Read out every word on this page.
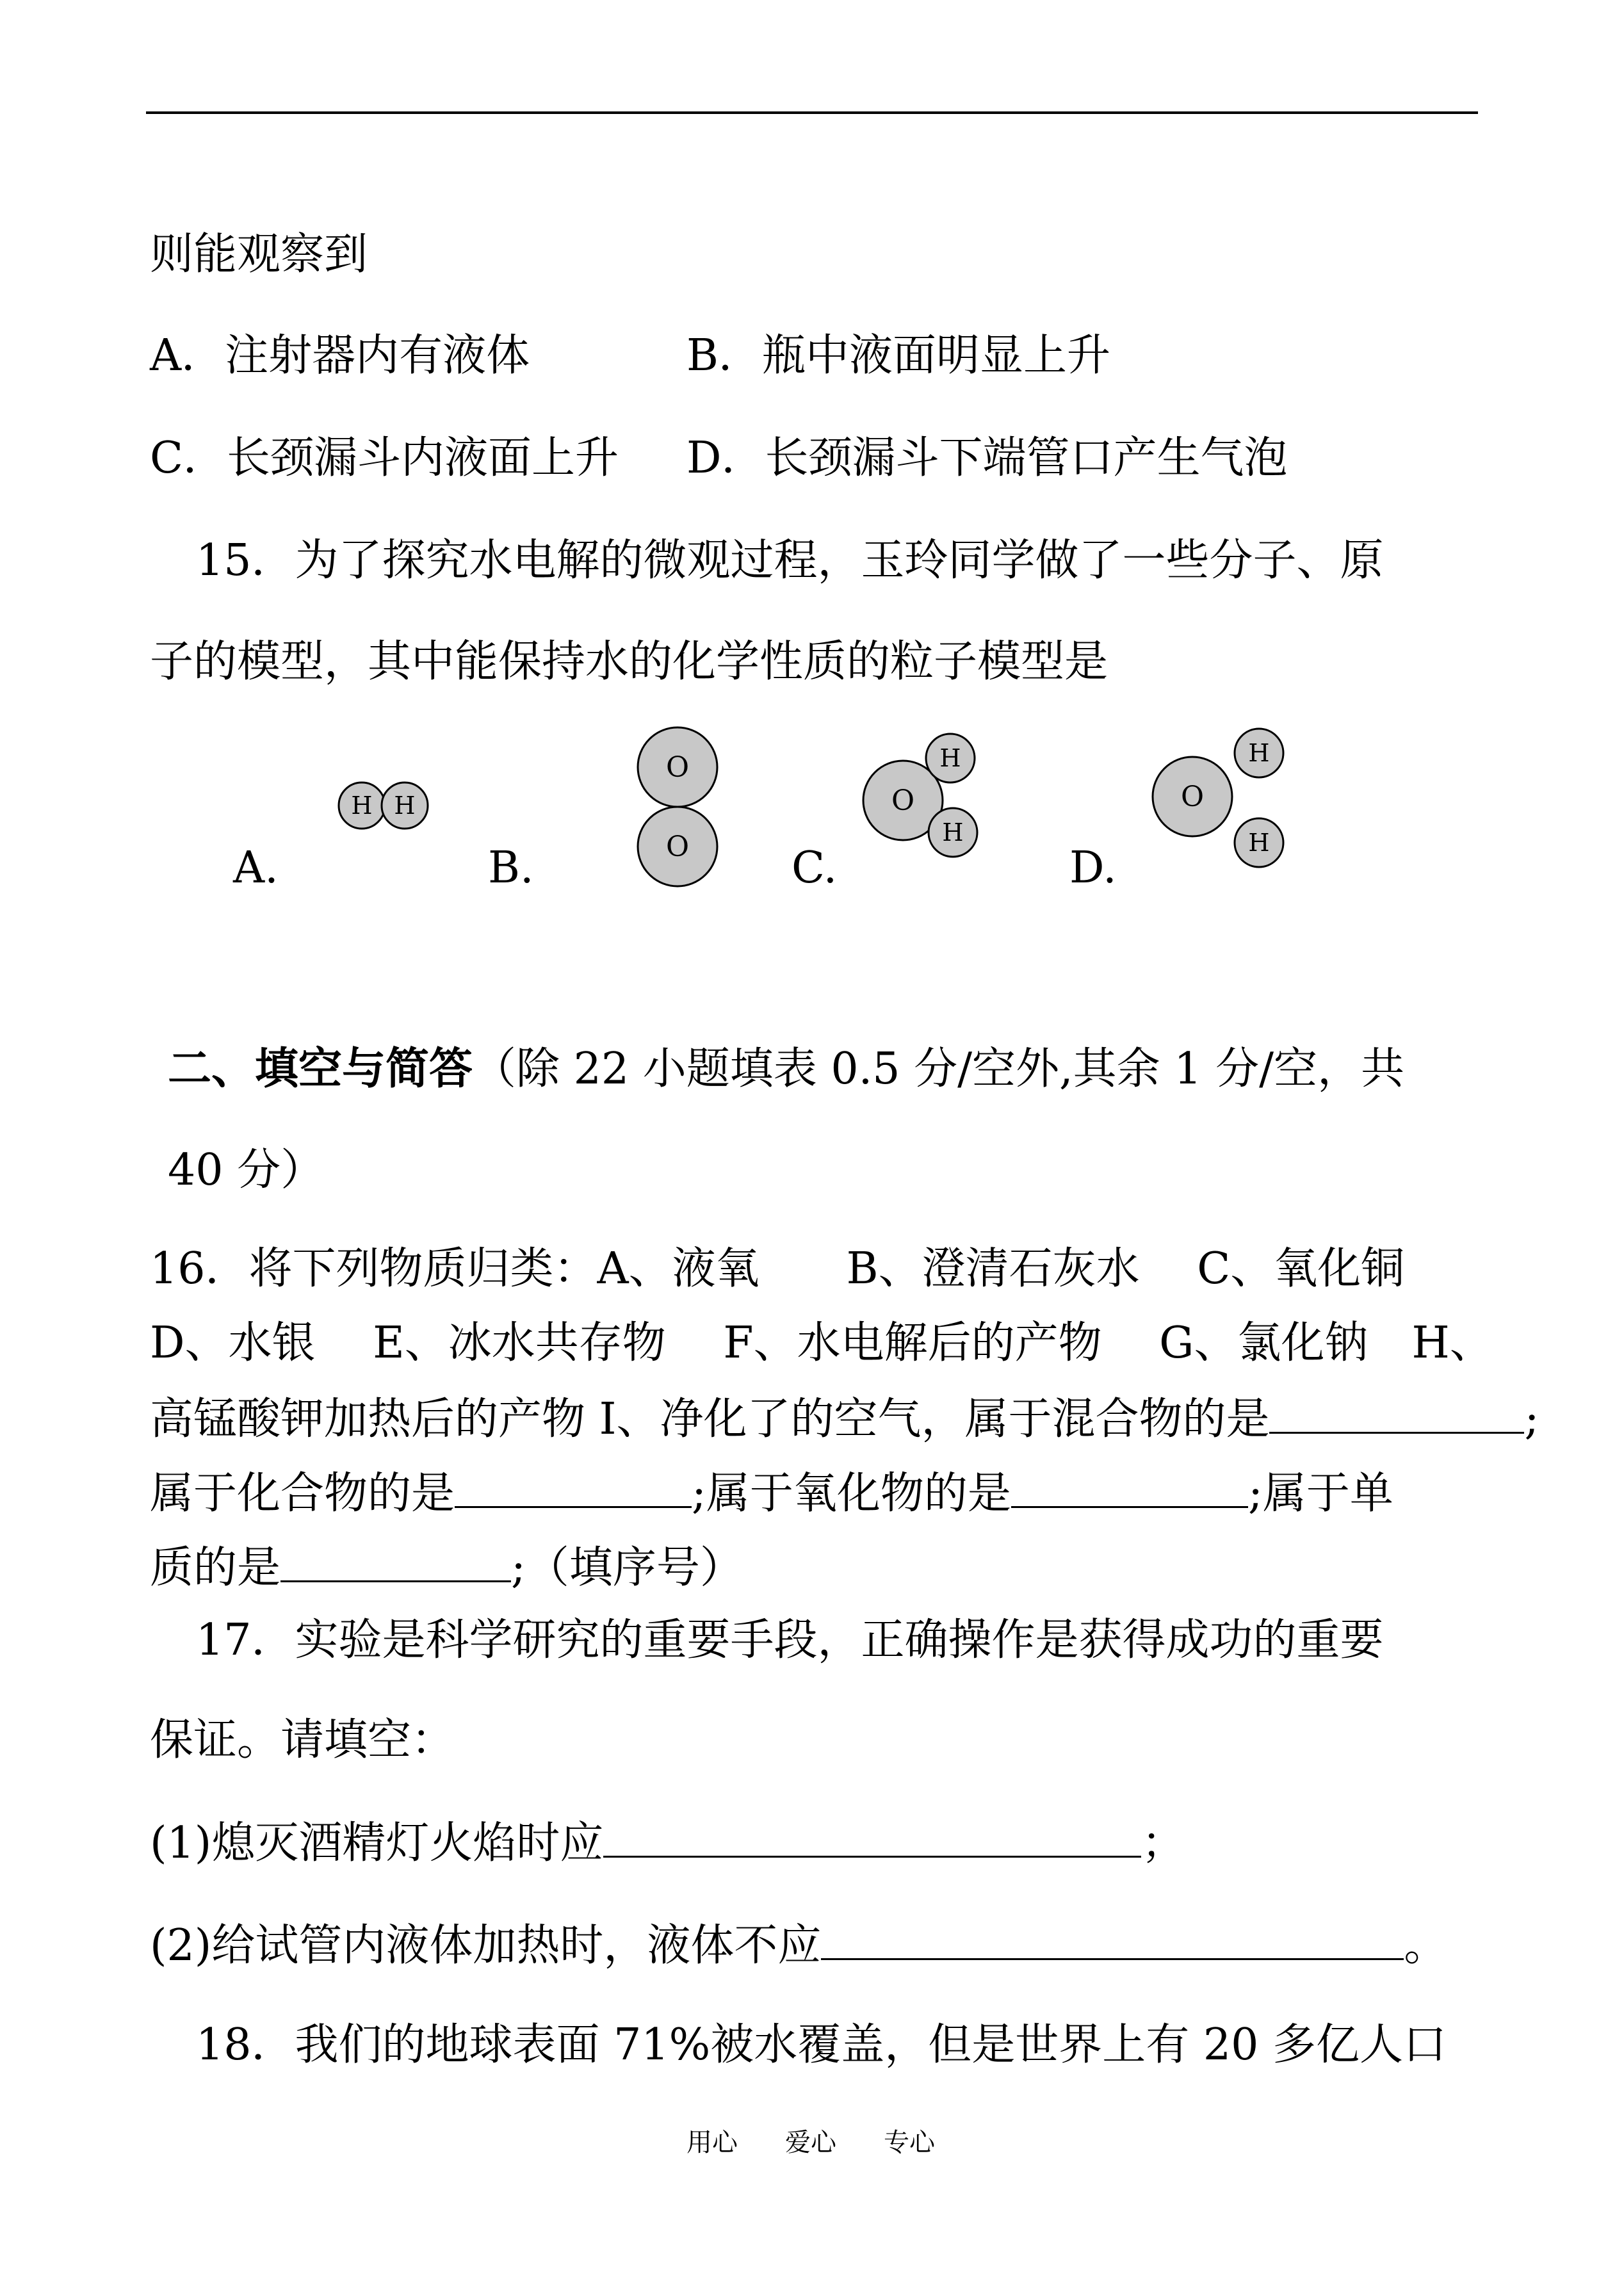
则能观察到
A．注射器内有液体	B．瓶中液面明显上升
C．长颈漏斗内液面上升 D．长颈漏斗下端管口产生气泡
15．为了探究水电解的微观过程，玉玲同学做了一些分子、原
子的模型，其中能保持水的化学性质的粒子模型是
A.	B.	C.	D.
H H
O
O
O
H
H
O
H
H
二、填空与简答（除 22 小题填表 0.5 分/空外,其余 1 分/空，共
40 分）
16．将下列物质归类：A、液氧　　B、澄清石灰水　 C、氧化铜
D、水银　 E、冰水共存物　 F、水电解后的产物　 G、氯化钠　H、
高锰酸钾加热后的产物 I、净化了的空气，属于混合物的是	;
属于化合物的是	;属于氧化物的是	;属于单
质的是	;（填序号）
17．实验是科学研究的重要手段，正确操作是获得成功的重要
保证。请填空：
(1)熄灭酒精灯火焰时应	；
(2)给试管内液体加热时，液体不应	。
18．我们的地球表面 71%被水覆盖，但是世界上有 20 多亿人口
用心 爱心 专心
